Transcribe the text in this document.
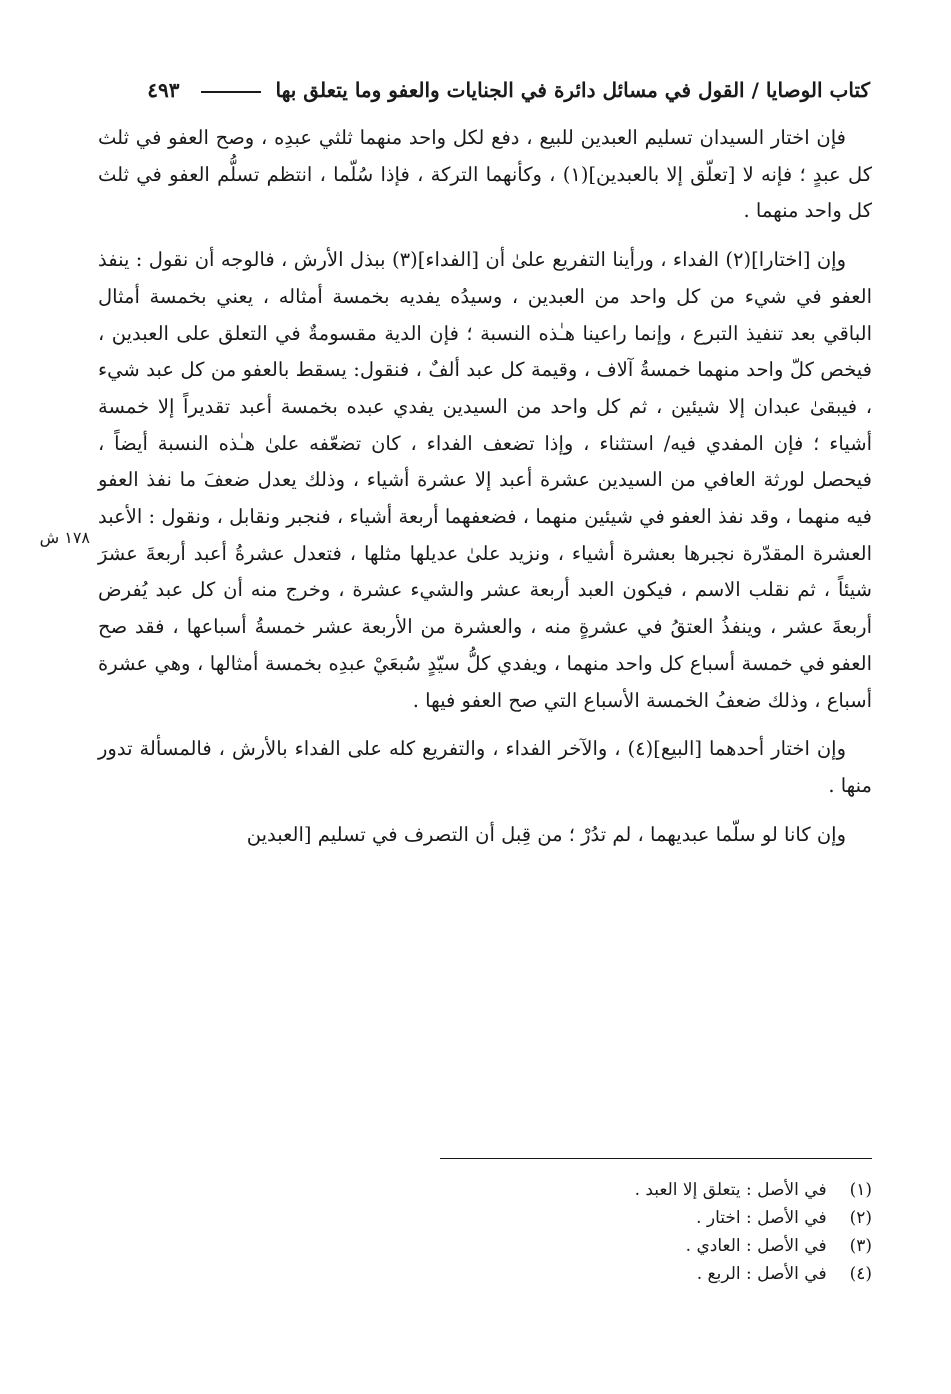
كتاب الوصايا / القول في مسائل دائرة في الجنايات والعفو وما يتعلق بها  ٤٩٣
١٧٨ ش

فإن اختار السيدان تسليم العبدين للبيع ، دفع لكل واحد منهما ثلثي عبدِه ، وصح العفو في ثلث كل عبدٍ ؛ فإنه لا [تعلّق إلا بالعبدين](١) ، وكأنهما التركة ، فإذا سُلّما ، انتظم تسلُّم العفو في ثلث كل واحد منهما .

وإن [اختارا](٢) الفداء ، ورأينا التفريع علىٰ أن [الفداء](٣) ببذل الأرش ، فالوجه أن نقول : ينفذ العفو في شيء من كل واحد من العبدين ، وسيدُه يفديه بخمسة أمثاله ، يعني بخمسة أمثال الباقي بعد تنفيذ التبرع ، وإنما راعينا هـٰذه النسبة ؛ فإن الدية مقسومةٌ في التعلق على العبدين ، فيخص كلّ واحد منهما خمسةُ آلاف ، وقيمة كل عبد ألفٌ ، فنقول: يسقط بالعفو من كل عبد شيء ، فيبقىٰ عبدان إلا شيئين ، ثم كل واحد من السيدين يفدي عبده بخمسة أعبد تقديراً إلا خمسة أشياء ؛ فإن المفدي فيه/ استثناء ، وإذا تضعف الفداء ، كان تضعّفه علىٰ هـٰذه النسبة أيضاً ، فيحصل لورثة العافي من السيدين عشرة أعبد إلا عشرة أشياء ، وذلك يعدل ضعفَ ما نفذ العفو فيه منهما ، وقد نفذ العفو في شيئين منهما ، فضعفهما أربعة أشياء ، فنجبر ونقابل ، ونقول : الأعبد العشرة المقدّرة نجبرها بعشرة أشياء ، ونزيد علىٰ عديلها مثلها ، فتعدل عشرةُ أعبد أربعةَ عشرَ شيئاً ، ثم نقلب الاسم ، فيكون العبد أربعة عشر والشيء عشرة ، وخرج منه أن كل عبد يُفرض أربعةَ عشر ، وينفذُ العتقُ في عشرةٍ منه ، والعشرة من الأربعة عشر خمسةُ أسباعها ، فقد صح العفو في خمسة أسباع كل واحد منهما ، ويفدي كلُّ سيّدٍ سُبعَيْ عبدِه بخمسة أمثالها ، وهي عشرة أسباع ، وذلك ضعفُ الخمسة الأسباع التي صح العفو فيها .

وإن اختار أحدهما [البيع](٤) ، والآخر الفداء ، والتفريع كله على الفداء بالأرش ، فالمسألة تدور منها .

وإن كانا لو سلّما عبديهما ، لم تدُرْ ؛ من قِبل أن التصرف في تسليم [العبدين

(١) في الأصل : يتعلق إلا العبد .
(٢) في الأصل : اختار .
(٣) في الأصل : العادي .
(٤) في الأصل : الربع .
